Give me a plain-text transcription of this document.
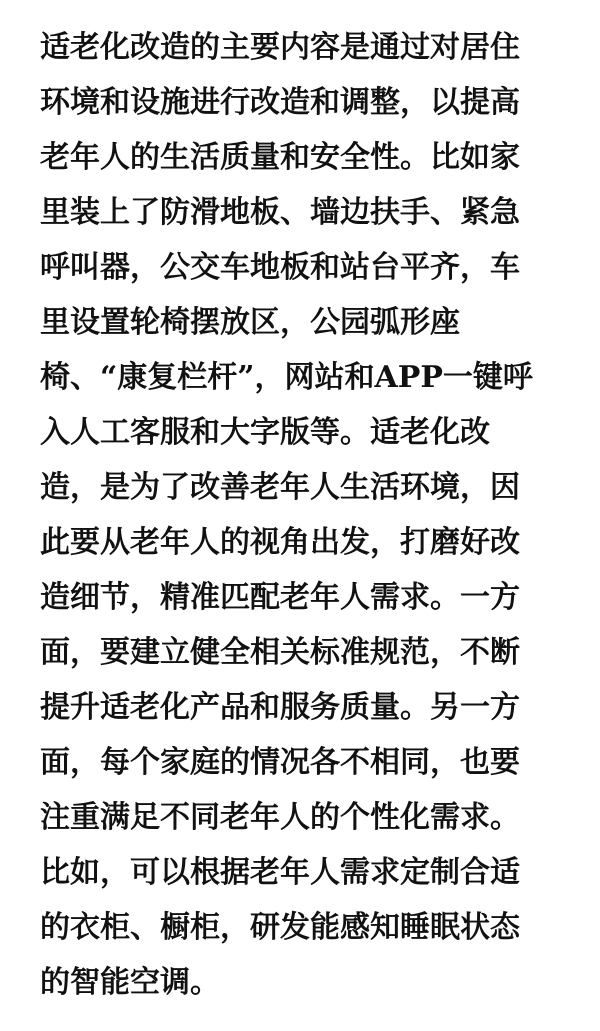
适老化改造的主要内容是通过对居住

环境和设施进行改造和调整，以提高

老年人的生活质量和安全性。比如家

里装上了防滑地板、墙边扶手、紧急

呼叫器，公交车地板和站台平齐，车

里设置轮椅摆放区，公园弧形座

椅、“康复栏杆”，网站和APP一键呼

入人工客服和大字版等。适老化改

造，是为了改善老年人生活环境，因

此要从老年人的视角出发，打磨好改

造细节，精准匹配老年人需求。一方

面，要建立健全相关标准规范，不断

提升适老化产品和服务质量。另一方

面，每个家庭的情况各不相同，也要

注重满足不同老年人的个性化需求。

比如，可以根据老年人需求定制合适

的衣柜、橱柜，研发能感知睡眠状态

的智能空调。
